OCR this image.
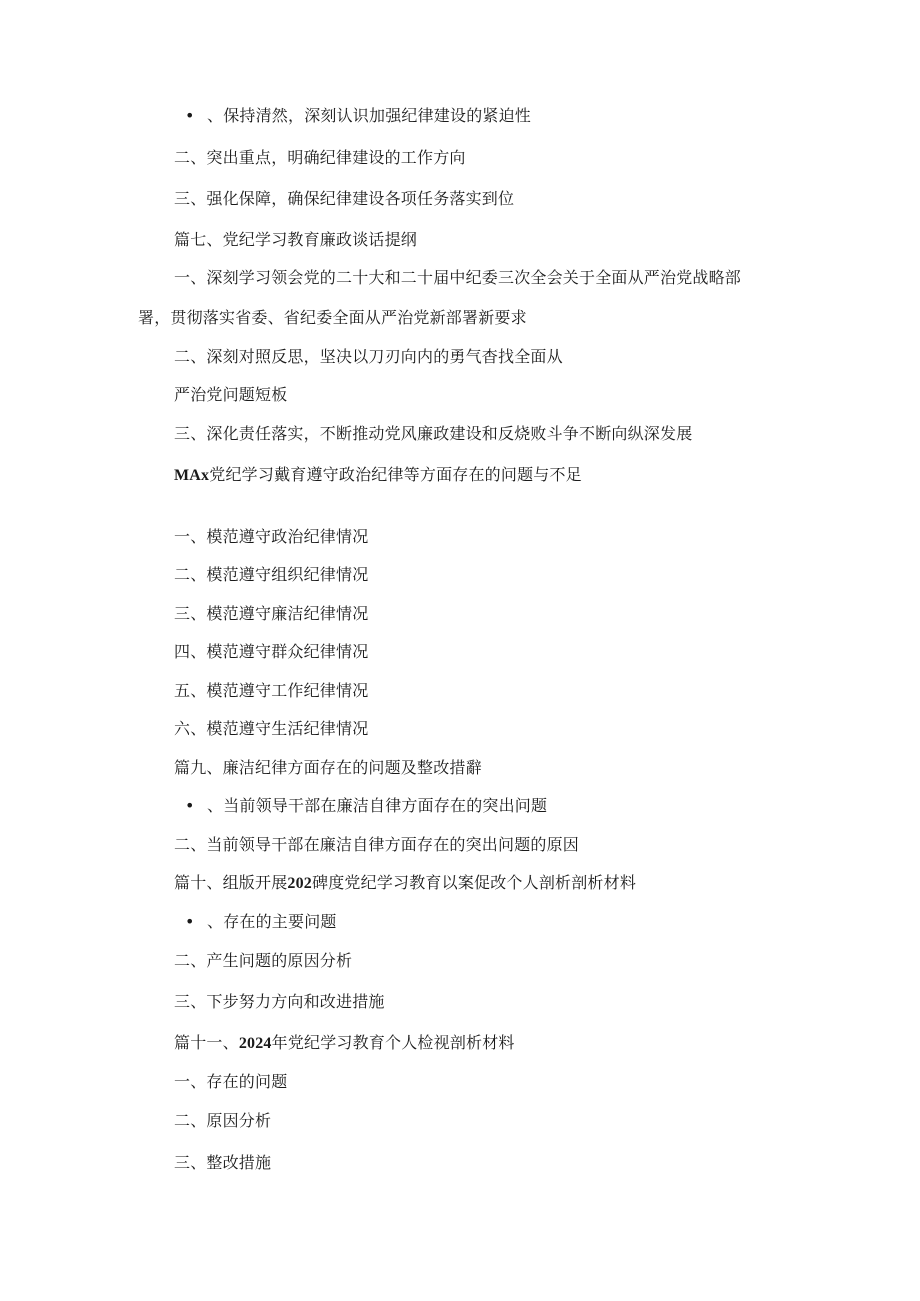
• 、保持清然，深刻认识加强纪律建设的紧迫性
二、突出重点，明确纪律建设的工作方向
三、强化保障，确保纪律建设各项任务落实到位
篇七、党纪学习教育廉政谈话提纲
一、深刻学习领会党的二十大和二十届中纪委三次全会关于全面从严治党战略部
署，贯彻落实省委、省纪委全面从严治党新部署新要求
二、深刻对照反思，坚决以刀刃向内的勇气杳找全面从
严治党问题短板
三、深化责任落实，不断推动党风廉政建设和反烧败斗争不断向纵深发展
MAx党纪学习戴育遵守政治纪律等方面存在的问题与不足
一、模范遵守政治纪律情况
二、模范遵守组织纪律情况
三、模范遵守廉洁纪律情况
四、模范遵守群众纪律情况
五、模范遵守工作纪律情况
六、模范遵守生活纪律情况
篇九、廉洁纪律方面存在的问题及整改措辭
• 、当前领导干部在廉洁自律方面存在的突出问题
二、当前领导干部在廉洁自律方面存在的突出问题的原因
篇十、组版开展202碑度党纪学习教育以案促改个人剖析剖析材料
• 、存在的主要问题
二、产生问题的原因分析
三、下步努力方向和改进措施
篇十一、2024年党纪学习教育个人检视剖析材料
一、存在的问题
二、原因分析
三、整改措施
